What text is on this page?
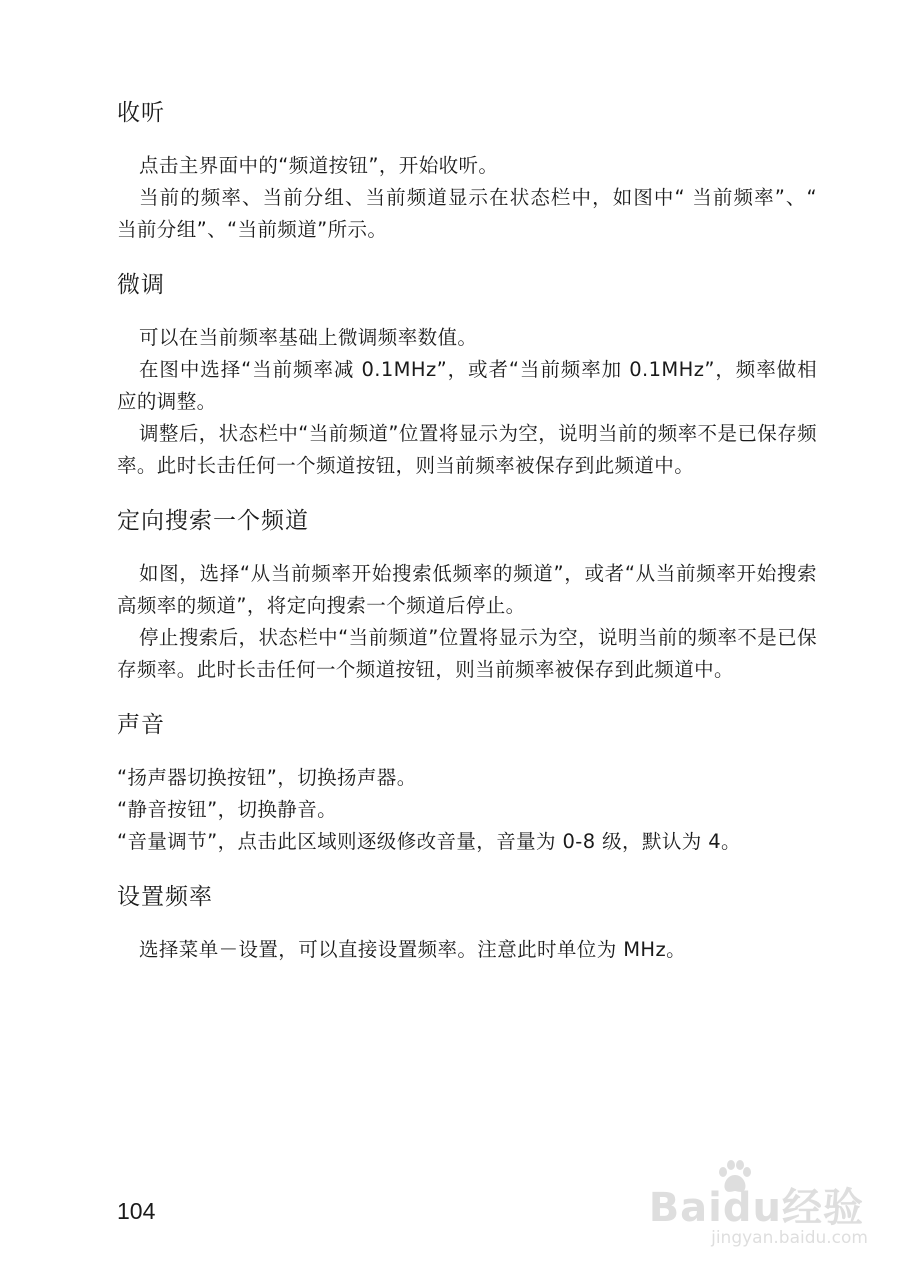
收听

点击主界面中的“频道按钮”，开始收听。

当前的频率、当前分组、当前频道显示在状态栏中，如图中“ 当前频率”、“ 当前分组”、“当前频道”所示。

微调

可以在当前频率基础上微调频率数值。

在图中选择“当前频率减 0.1MHz”，或者“当前频率加 0.1MHz”，频率做相应的调整。

调整后，状态栏中“当前频道”位置将显示为空，说明当前的频率不是已保存频率。此时长击任何一个频道按钮，则当前频率被保存到此频道中。

定向搜索一个频道

如图，选择“从当前频率开始搜索低频率的频道”，或者“从当前频率开始搜索高频率的频道”，将定向搜索一个频道后停止。

停止搜索后，状态栏中“当前频道”位置将显示为空，说明当前的频率不是已保存频率。此时长击任何一个频道按钮，则当前频率被保存到此频道中。

声音

“扬声器切换按钮”，切换扬声器。

“静音按钮”，切换静音。

“音量调节”，点击此区域则逐级修改音量，音量为 0-8 级，默认为 4。

设置频率

选择菜单－设置，可以直接设置频率。注意此时单位为 MHz。

104	Baidu经验
jingyan.baidu.com
